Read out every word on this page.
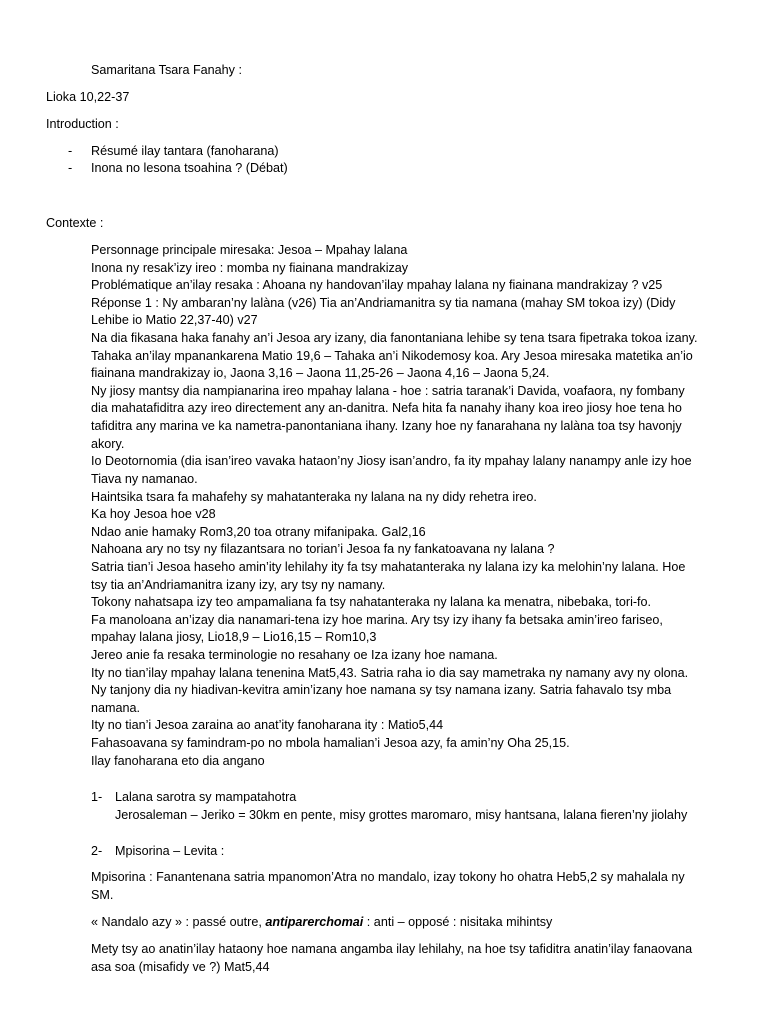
Samaritana Tsara Fanahy :
Lioka 10,22-37
Introduction :
- Résumé ilay tantara (fanoharana)
- Inona no lesona tsoahina ? (Débat)
Contexte :
Personnage principale miresaka: Jesoa – Mpahay lalana
Inona ny resak’izy ireo : momba ny fiainana mandrakizay
Problématique an’ilay resaka : Ahoana ny handovan’ilay mpahay lalana ny fiainana mandrakizay ? v25
Réponse 1 : Ny ambaran’ny lalàna (v26) Tia an’Andriamanitra sy tia namana (mahay SM tokoa izy) (Didy
Lehibe io Matio 22,37-40) v27
Na dia fikasana haka fanahy an’i Jesoa ary izany, dia fanontaniana lehibe sy tena tsara fipetraka tokoa izany.
Tahaka an’ilay mpanankarena Matio 19,6 – Tahaka an’i Nikodemosy koa. Ary Jesoa miresaka matetika an’io
fiainana mandrakizay io, Jaona 3,16 – Jaona 11,25-26 – Jaona 4,16 – Jaona 5,24.
Ny jiosy mantsy dia nampianarina ireo mpahay lalana - hoe : satria taranak’i Davida, voafaora, ny fombany
dia mahatafiditra azy ireo directement any an-danitra. Nefa hita fa nanahy ihany koa ireo jiosy hoe tena ho
tafiditra any marina ve ka nametra-panontaniana ihany. Izany hoe ny fanarahana ny lalàna toa tsy havonjy
akory.
Io Deotornomia (dia isan’ireo vavaka hataon’ny Jiosy isan’andro, fa ity mpahay lalany nanampy anle izy hoe
Tiava ny namanao.
Haintsika tsara fa mahafehy sy mahatanteraka ny lalana na ny didy rehetra ireo.
Ka hoy Jesoa hoe v28
Ndao anie hamaky Rom3,20 toa otrany mifanipaka. Gal2,16
Nahoana ary no tsy ny filazantsara no torian’i Jesoa fa ny fankatoavana ny lalana ?
Satria tian’i Jesoa haseho amin’ity lehilahy ity fa tsy mahatanteraka ny lalana izy ka melohin’ny lalana. Hoe
tsy tia an’Andriamanitra izany izy, ary tsy ny namany.
Tokony nahatsapa izy teo ampamaliana fa tsy nahatanteraka ny lalana ka menatra, nibebaka, tori-fo.
Fa manoloana an’izay dia nanamari-tena izy hoe marina. Ary tsy izy ihany fa betsaka amin’ireo fariseo,
mpahay lalana jiosy, Lio18,9 – Lio16,15 – Rom10,3
Jereo anie fa resaka terminologie no resahany oe Iza izany hoe namana.
Ity no tian’ilay mpahay lalana tenenina Mat5,43. Satria raha io dia say mametraka ny namany avy ny olona.
Ny tanjony dia ny hiadivan-kevitra amin’izany hoe namana sy tsy namana izany. Satria fahavalo tsy mba
namana.
Ity no tian’i Jesoa zaraina ao anat’ity fanoharana ity : Matio5,44
Fahasoavana sy famindram-po no mbola hamalian’i Jesoa azy, fa amin’ny Oha 25,15.
Ilay fanoharana eto dia angano
1- Lalana sarotra sy mampatahotra
Jerosaleman – Jeriko = 30km en pente, misy grottes maromaro, misy hantsana, lalana fieren’ny jiolahy
2- Mpisorina – Levita :
Mpisorina : Fanantenana satria mpanomon’Atra no mandalo, izay tokony ho ohatra Heb5,2 sy mahalala ny
SM.
« Nandalo azy » : passé outre, antiparerchomai : anti – opposé : nisitaka mihintsy
Mety tsy ao anatin’ilay hataony hoe namana angamba ilay lehilahy, na hoe tsy tafiditra anatin’ilay fanaovana
asa soa (misafidy ve ?) Mat5,44
